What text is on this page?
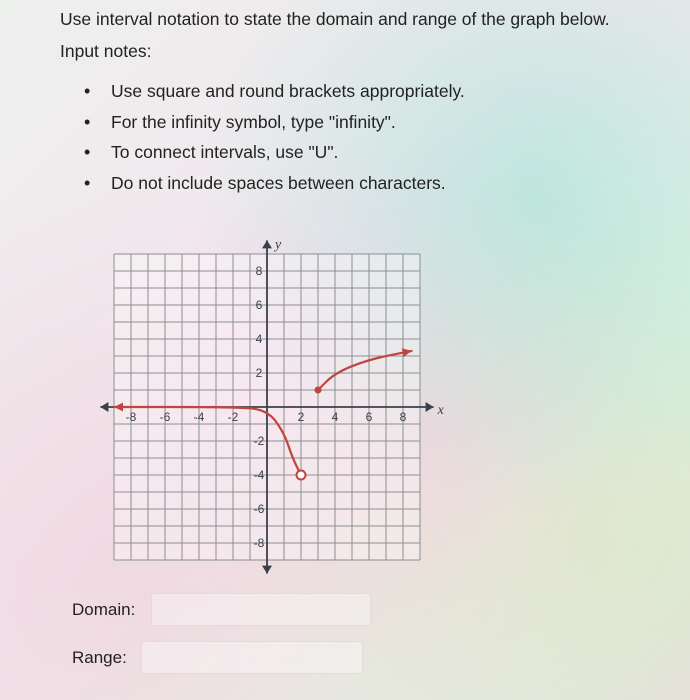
Use interval notation to state the domain and range of the graph below.
Input notes:
• Use square and round brackets appropriately.
• For the infinity symbol, type "infinity".
• To connect intervals, use "U".
• Do not include spaces between characters.
x
y
-8 -6 -4 -2	2 4 6 8
-8
-6
-4
-2
2
4
6
8
Domain:
Range:
